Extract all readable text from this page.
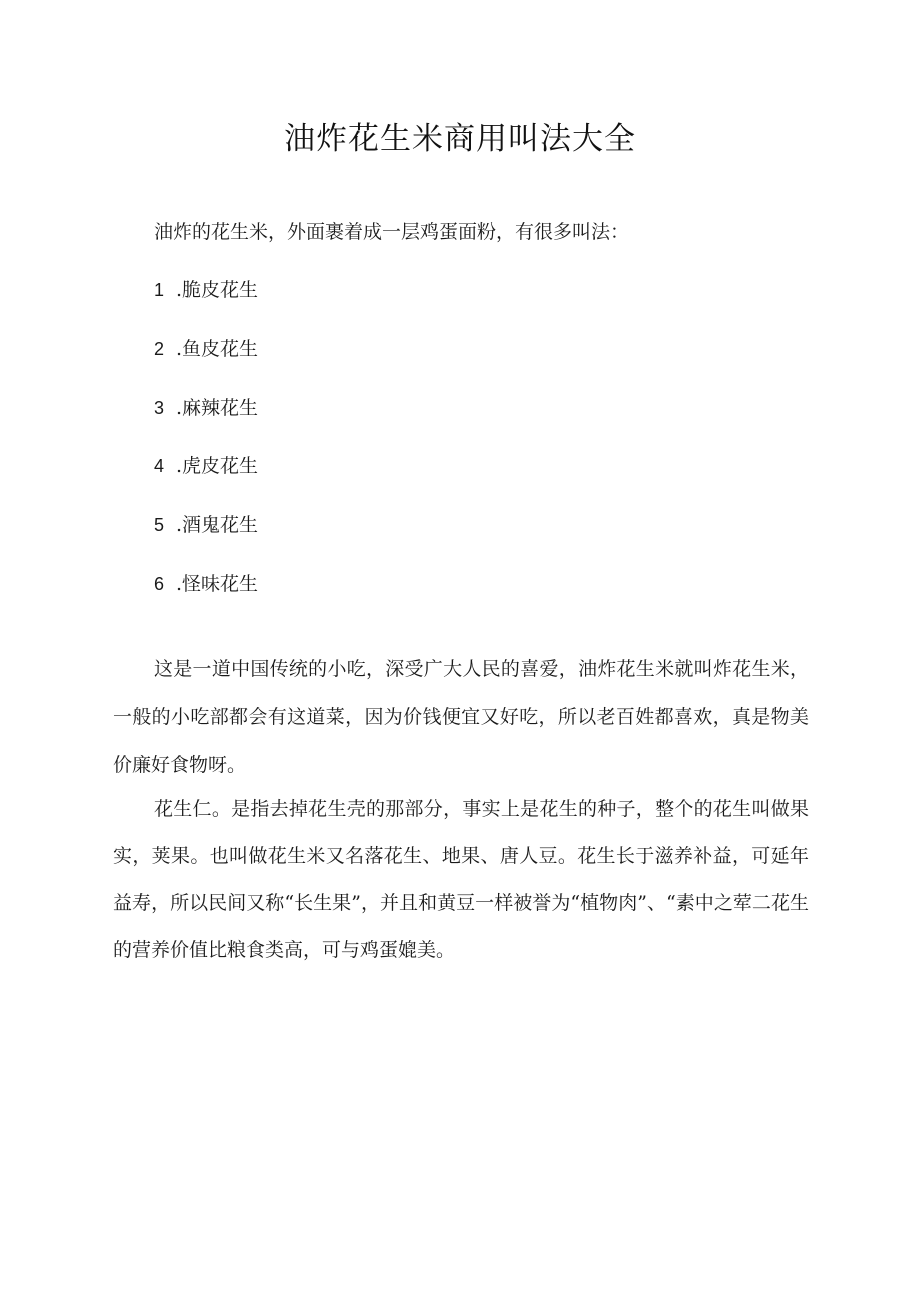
油炸花生米商用叫法大全
油炸的花生米，外面裹着成一层鸡蛋面粉，有很多叫法：
1 .脆皮花生
2 .鱼皮花生
3 .麻辣花生
4 .虎皮花生
5 .酒鬼花生
6 .怪味花生

这是一道中国传统的小吃，深受广大人民的喜爱，油炸花生米就叫炸花生米，一般的小吃部都会有这道菜，因为价钱便宜又好吃，所以老百姓都喜欢，真是物美价廉好食物呀。

花生仁。是指去掉花生壳的那部分，事实上是花生的种子，整个的花生叫做果实，荚果。也叫做花生米又名落花生、地果、唐人豆。花生长于滋养补益，可延年益寿，所以民间又称“长生果”，并且和黄豆一样被誉为“植物肉”、“素中之荤二花生的营养价值比粮食类高，可与鸡蛋媲美。
